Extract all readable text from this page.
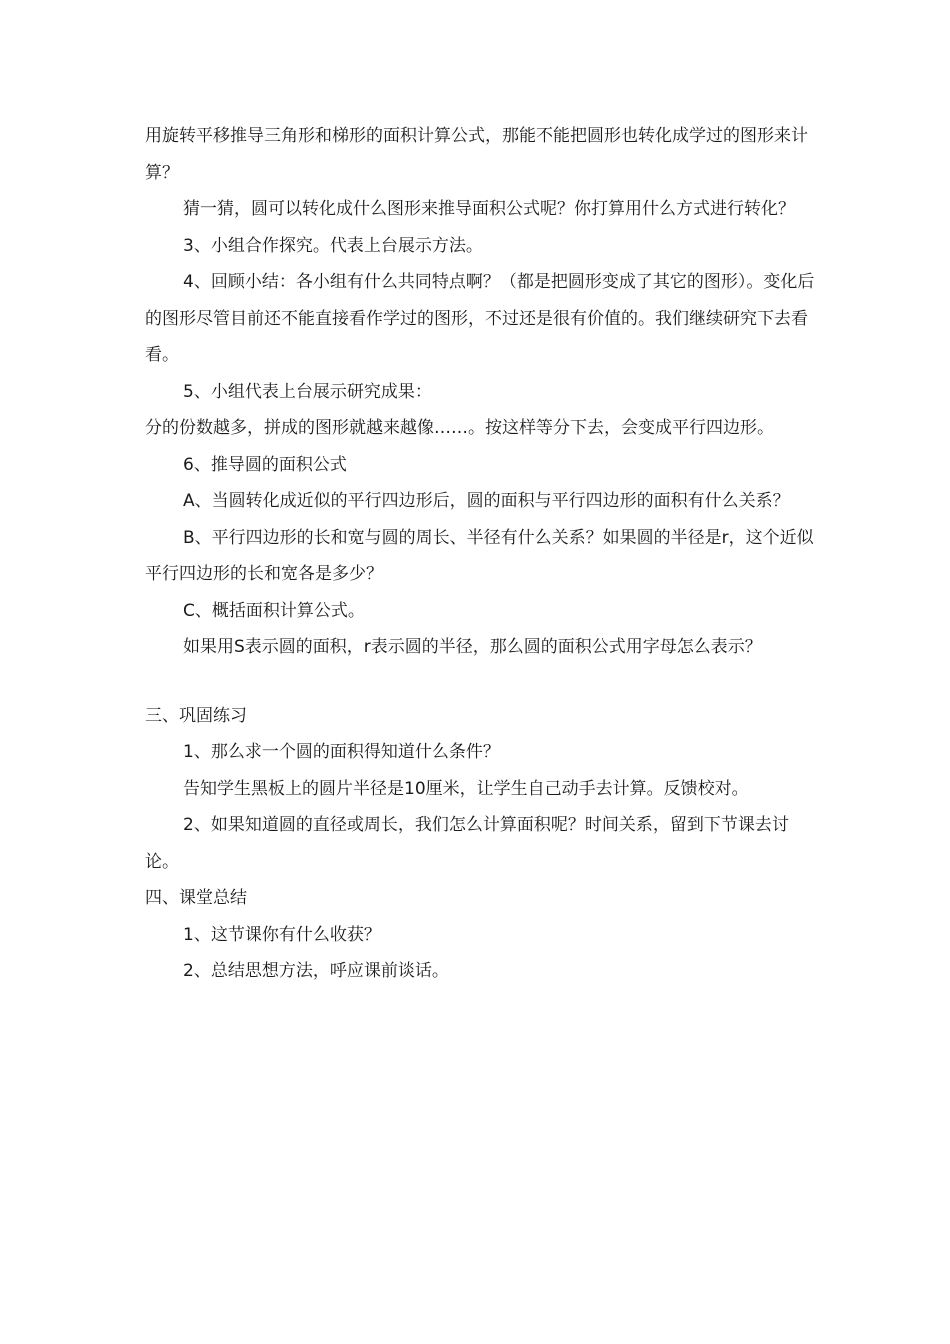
用旋转平移推导三角形和梯形的面积计算公式，那能不能把圆形也转化成学过的图形来计算？

猜一猜，圆可以转化成什么图形来推导面积公式呢？你打算用什么方式进行转化？

3、小组合作探究。代表上台展示方法。

4、回顾小结：各小组有什么共同特点啊？（都是把圆形变成了其它的图形）。变化后的图形尽管目前还不能直接看作学过的图形，不过还是很有价值的。我们继续研究下去看看。

5、小组代表上台展示研究成果：

分的份数越多，拼成的图形就越来越像……。按这样等分下去，会变成平行四边形。

6、推导圆的面积公式

A、当圆转化成近似的平行四边形后，圆的面积与平行四边形的面积有什么关系？

B、平行四边形的长和宽与圆的周长、半径有什么关系？如果圆的半径是r，这个近似平行四边形的长和宽各是多少？

C、概括面积计算公式。

如果用S表示圆的面积，r表示圆的半径，那么圆的面积公式用字母怎么表示？

三、巩固练习

1、那么求一个圆的面积得知道什么条件？

告知学生黑板上的圆片半径是10厘米，让学生自己动手去计算。反馈校对。

2、如果知道圆的直径或周长，我们怎么计算面积呢？时间关系，留到下节课去讨论。

四、课堂总结

1、这节课你有什么收获？

2、总结思想方法，呼应课前谈话。
